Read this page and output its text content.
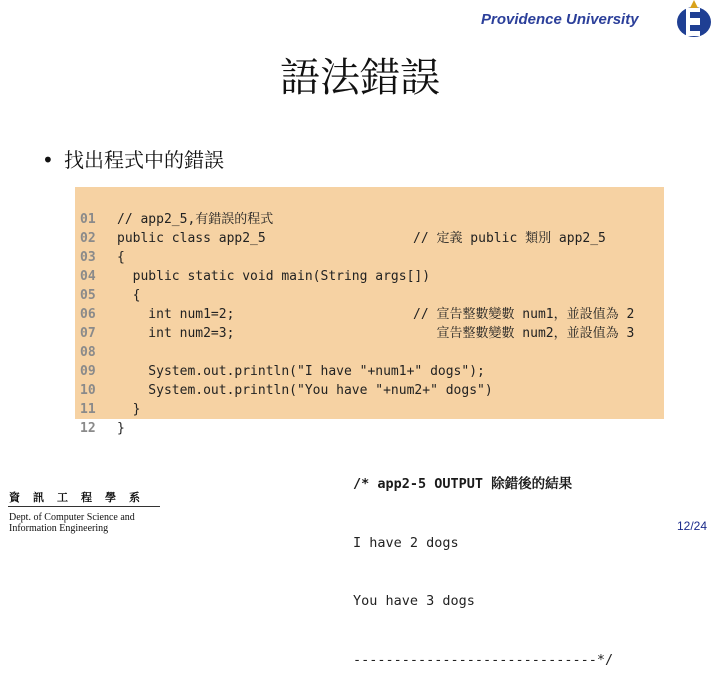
Providence University
語法錯誤
• 找出程式中的錯誤

01 // app2_5,有錯誤的程式

02 public class app2_5	// 定義 public 類別 app2_5

03 {

04 public static void main(String args[])

05 {

06 int num1=2;	// 宣告整數變數 num1，並設值為 2

07 int num2=3;	宣告整數變數 num2，並設值為 3

08

09 System.out.println("I have "+num1+" dogs");

10 System.out.println("You have "+num2+" dogs")

11 }

12 }

/* app2-5 OUTPUT 除錯後的結果

I have 2 dogs

You have 3 dogs

------------------------------*/

資 訊 工 程 學 系
Dept. of Computer Science and
Information Engineering	12/24
